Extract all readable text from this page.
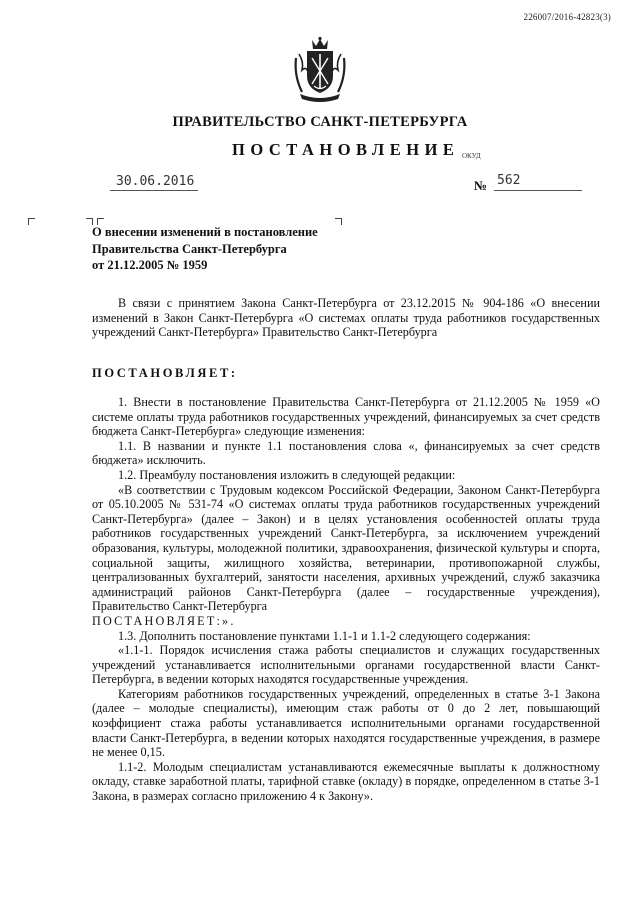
226007/2016-42823(3)
ПРАВИТЕЛЬСТВО САНКТ-ПЕТЕРБУРГА
ПОСТАНОВЛЕНИЕ ОКУД
30.06.2016	№ 562
О внесении изменений в постановление
Правительства Санкт-Петербурга
от 21.12.2005 № 1959

В связи с принятием Закона Санкт-Петербурга от 23.12.2015 № 904-186 «О внесении изменений в Закон Санкт-Петербурга «О системах оплаты труда работников государственных учреждений Санкт-Петербурга» Правительство Санкт-Петербурга

ПОСТАНОВЛЯЕТ:

1. Внести в постановление Правительства Санкт-Петербурга от 21.12.2005 № 1959 «О системе оплаты труда работников государственных учреждений, финансируемых за счет средств бюджета Санкт-Петербурга» следующие изменения:

1.1. В названии и пункте 1.1 постановления слова «, финансируемых за счет средств бюджета» исключить.

1.2. Преамбулу постановления изложить в следующей редакции:

«В соответствии с Трудовым кодексом Российской Федерации, Законом Санкт-Петербурга от 05.10.2005 № 531-74 «О системах оплаты труда работников государственных учреждений Санкт-Петербурга» (далее – Закон) и в целях установления особенностей оплаты труда работников государственных учреждений Санкт-Петербурга, за исключением учреждений образования, культуры, молодежной политики, здравоохранения, физической культуры и спорта, социальной защиты, жилищного хозяйства, ветеринарии, противопожарной службы, централизованных бухгалтерий, занятости населения, архивных учреждений, служб заказчика администраций районов Санкт-Петербурга (далее – государственные учреждения), Правительство Санкт-Петербурга

ПОСТАНОВЛЯЕТ:».

1.3. Дополнить постановление пунктами 1.1-1 и 1.1-2 следующего содержания:

«1.1-1. Порядок исчисления стажа работы специалистов и служащих государственных учреждений устанавливается исполнительными органами государственной власти Санкт-Петербурга, в ведении которых находятся государственные учреждения.

Категориям работников государственных учреждений, определенных в статье 3-1 Закона (далее – молодые специалисты), имеющим стаж работы от 0 до 2 лет, повышающий коэффициент стажа работы устанавливается исполнительными органами государственной власти Санкт-Петербурга, в ведении которых находятся государственные учреждения, в размере не менее 0,15.

1.1-2. Молодым специалистам устанавливаются ежемесячные выплаты к должностному окладу, ставке заработной платы, тарифной ставке (окладу) в порядке, определенном в статье 3-1 Закона, в размерах согласно приложению 4 к Закону».
